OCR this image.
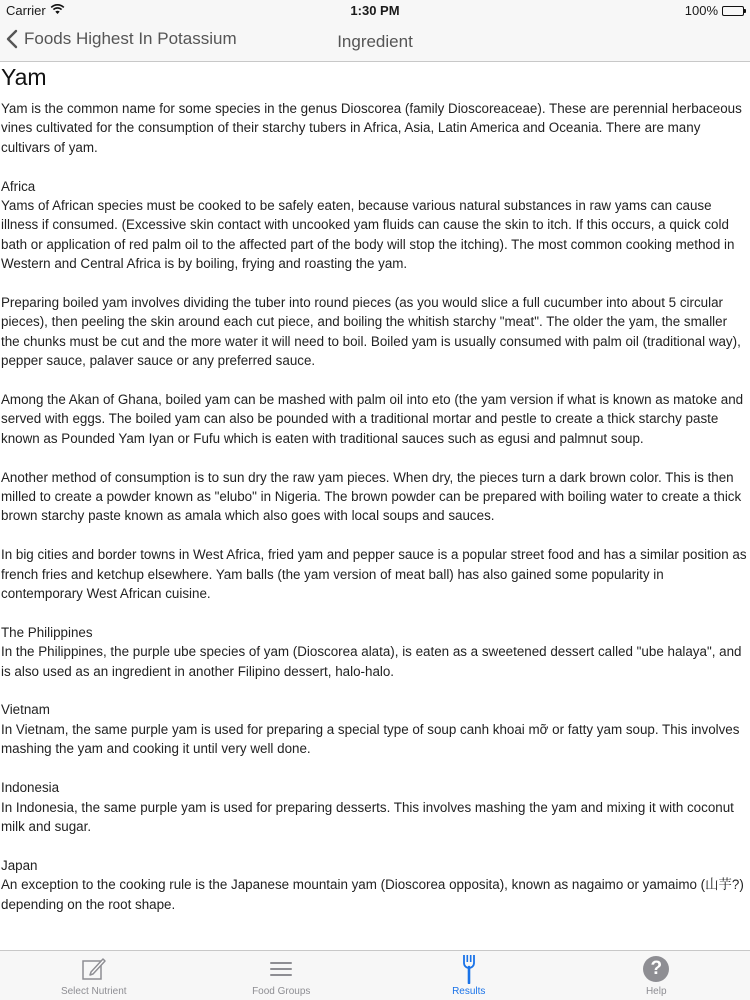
Carrier	1:30 PM	100%
Foods Highest In Potassium	Ingredient
Yam

Yam is the common name for some species in the genus Dioscorea (family Dioscoreaceae). These are perennial herbaceous vines cultivated for the consumption of their starchy tubers in Africa, Asia, Latin America and Oceania. There are many cultivars of yam.

Africa
Yams of African species must be cooked to be safely eaten, because various natural substances in raw yams can cause illness if consumed. (Excessive skin contact with uncooked yam fluids can cause the skin to itch. If this occurs, a quick cold bath or application of red palm oil to the affected part of the body will stop the itching). The most common cooking method in Western and Central Africa is by boiling, frying and roasting the yam.

Preparing boiled yam involves dividing the tuber into round pieces (as you would slice a full cucumber into about 5 circular pieces), then peeling the skin around each cut piece, and boiling the whitish starchy "meat". The older the yam, the smaller the chunks must be cut and the more water it will need to boil. Boiled yam is usually consumed with palm oil (traditional way), pepper sauce, palaver sauce or any preferred sauce.

Among the Akan of Ghana, boiled yam can be mashed with palm oil into eto (the yam version if what is known as matoke and served with eggs. The boiled yam can also be pounded with a traditional mortar and pestle to create a thick starchy paste known as Pounded Yam Iyan or Fufu which is eaten with traditional sauces such as egusi and palmnut soup.

Another method of consumption is to sun dry the raw yam pieces. When dry, the pieces turn a dark brown color. This is then milled to create a powder known as "elubo" in Nigeria. The brown powder can be prepared with boiling water to create a thick brown starchy paste known as amala which also goes with local soups and sauces.

In big cities and border towns in West Africa, fried yam and pepper sauce is a popular street food and has a similar position as french fries and ketchup elsewhere. Yam balls (the yam version of meat ball) has also gained some popularity in contemporary West African cuisine.

The Philippines
In the Philippines, the purple ube species of yam (Dioscorea alata), is eaten as a sweetened dessert called "ube halaya", and is also used as an ingredient in another Filipino dessert, halo-halo.

Vietnam
In Vietnam, the same purple yam is used for preparing a special type of soup canh khoai mỡ or fatty yam soup. This involves mashing the yam and cooking it until very well done.

Indonesia
In Indonesia, the same purple yam is used for preparing desserts. This involves mashing the yam and mixing it with coconut milk and sugar.

Japan
An exception to the cooking rule is the Japanese mountain yam (Dioscorea opposita), known as nagaimo or yamaimo (山芋?) depending on the root shape.

Select Nutrient	Food Groups	Results
?
Help
